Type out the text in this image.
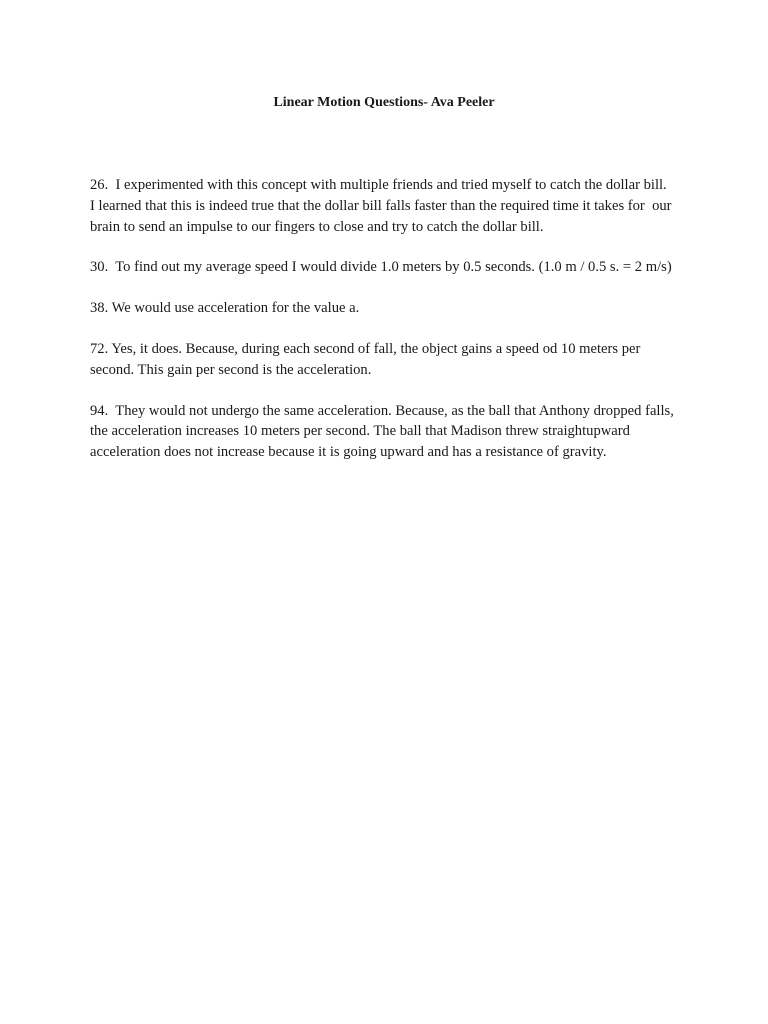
Linear Motion Questions- Ava Peeler

26.  I experimented with this concept with multiple friends and tried myself to catch the dollar bill. I learned that this is indeed true that the dollar bill falls faster than the required time it takes for  our brain to send an impulse to our fingers to close and try to catch the dollar bill.

30.  To find out my average speed I would divide 1.0 meters by 0.5 seconds. (1.0 m / 0.5 s. = 2 m/s)

38. We would use acceleration for the value a.

72. Yes, it does. Because, during each second of fall, the object gains a speed od 10 meters per second. This gain per second is the acceleration.

94.  They would not undergo the same acceleration. Because, as the ball that Anthony dropped falls, the acceleration increases 10 meters per second. The ball that Madison threw straightupward acceleration does not increase because it is going upward and has a resistance of gravity.
